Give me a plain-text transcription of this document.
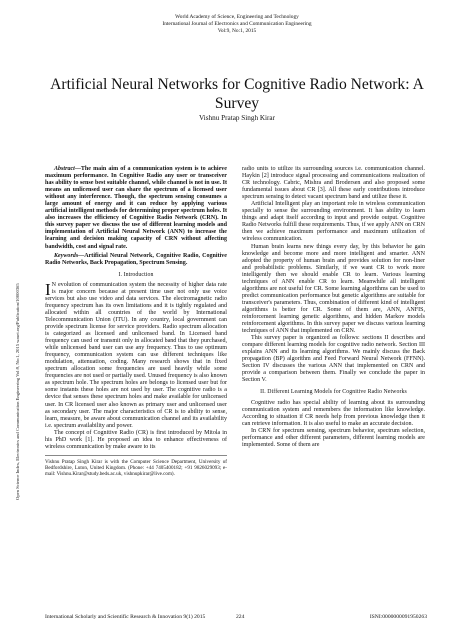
World Academy of Science, Engineering and Technology
International Journal of Electronics and Communication Engineering
Vol:9, No:1, 2015
Artificial Neural Networks for Cognitive Radio Network: A Survey
Vishnu Pratap Singh Kirar
Open Science Index, Electronics and Communication Engineering Vol:9, No:1, 2015 waset.org/Publication/10000365

Abstract—The main aim of a communication system is to achieve maximum performance. In Cognitive Radio any user or transceiver has ability to sense best suitable channel, while channel is not in use. It means an unlicensed user can share the spectrum of a licensed user without any interference. Though, the spectrum sensing consumes a large amount of energy and it can reduce by applying various artificial intelligent methods for determining proper spectrum holes. It also increases the efficiency of Cognitive Radio Network (CRN). In this survey paper we discuss the use of different learning models and implementation of Artificial Neural Network (ANN) to increase the learning and decision making capacity of CRN without affecting bandwidth, cost and signal rate.

Keywords—Artificial Neural Network, Cognitive Radio, Cognitive Radio Networks, Back Propagation, Spectrum Sensing.

I. Introduction

I N evolution of communication system the necessity of higher data rate is major concern because at present time user not only use voice services but also use video and data services. The electromagnetic radio frequency spectrum has its own limitations and it is tightly regulated and allocated within all countries of the world by International Telecommunication Union (ITU). In any country, local government can provide spectrum license for service providers. Radio spectrum allocation is categorized as licensed and unlicensed band. In Licensed band frequency can used or transmit only in allocated band that they purchased, while unlicensed band user can use any frequency. Thus to use optimum frequency, communication system can use different techniques like modulation, attenuation, coding. Many research shows that in fixed spectrum allocation some frequencies are used heavily while some frequencies are not used or partially used. Unused frequency is also known as spectrum hole. The spectrum holes are belongs to licensed user but for some instants these holes are not used by user. The cognitive radio is a device that senses these spectrum holes and make available for unlicensed user. In CR licensed user also known as primary user and unlicensed user as secondary user. The major characteristics of CR is to ability to sense, learn, measure, be aware about communication channel and its availability i.e. spectrum availability and power.

The concept of Cognitive Radio (CR) is first introduced by Mitola in his PhD work [1]. He proposed an idea to enhance effectiveness of wireless communication by make aware to its

Vishnu Pratap Singh Kirar is with the Computer Science Department, University of Bedfordshire, Luton, United Kingdom. (Phone: +44 7405400182; +91 9826029093; e-mail: Vishnu.Kirar@study.beds.ac.uk, vishnupkirar@live.com).

radio units to utilize its surrounding sources i.e. communication channel. Haykin [2] introduce signal processing and communications realization of CR technology. Cabric, Mishra and Brodersen and also proposed some fundamental issues about CR [3]. All these early contributions introduce spectrum sensing to detect vacant spectrum band and utilize these it.

Artificial Intelligent play an important role in wireless communication specially to sense the surrounding environment. It has ability to learn things and adapt itself according to input and provide output. Cognitive Radio Networks fulfill these requirements. Thus, if we apply ANN on CRN then we achieve maximum performance and maximum utilization of wireless communication.

Human brain learns new things every day, by this behavior he gain knowledge and become more and more intelligent and smarter. ANN adopted the property of human brain and provides solution for non-liner and probabilistic problems. Similarly, if we want CR to work more intelligently then we should enable CR to learn. Various learning techniques of ANN enable CR to learn. Meanwhile all intelligent algorithms are not useful for CR. Some learning algorithms can be used to predict communication performance but genetic algorithms are suitable for transceiver's parameters. Thus, combination of different kind of intelligent algorithms is better for CR. Some of them are, ANN, ANFIS, reinforcement learning genetic algorithms, and hidden Markov models reinforcement algorithms. In this survey paper we discuss various learning techniques of ANN that implemented on CRN.

This survey paper is organized as follows: sections II describes and compare different learning models for cognitive radio network. Section III explains ANN and its learning algorithms. We mainly discuss the Back propagation (BP) algorithm and Feed Forward Neural Network (FFNN). Section IV discusses the various ANN that implemented on CRN and provide a comparison between them. Finally we conclude the paper in Section V.

II. Different Learning Models for Cognitive Radio Networks

Cognitive radio has special ability of learning about its surrounding communication system and remembers the information like knowledge. According to situation if CR needs help from previous knowledge then it can retrieve information. It is also useful to make an accurate decision.

In CRN for spectrum sensing, spectrum behavior, spectrum selection, performance and other different parameters, different learning models are implemented. Some of them are

International Scholarly and Scientific Research & Innovation 9(1) 2015	224	ISNI:0000000091950263
